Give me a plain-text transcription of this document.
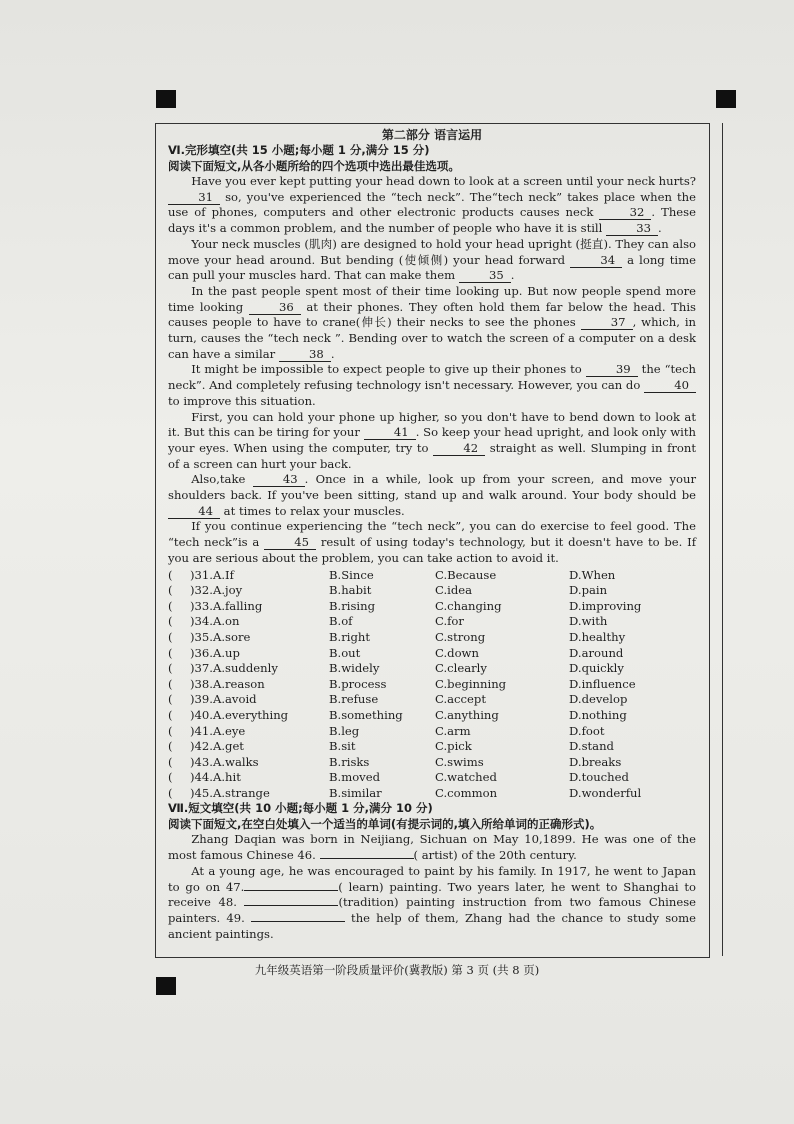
第二部分 语言运用
Ⅵ.完形填空(共 15 小题;每小题 1 分,满分 15 分)
阅读下面短文,从各小题所给的四个选项中选出最佳选项。

Have you ever kept putting your head down to look at a screen until your neck hurts? 31 so, you've experienced the “tech neck”. The“tech neck” takes place when the use of phones, computers and other electronic products causes neck	32 . These days it's a common problem, and the number of people who have it is still	33 .

Your neck muscles (肌肉) are designed to hold your head upright (挺直). They can also move your head around. But bending (使倾侧) your head forward	34 a long time can pull your muscles hard. That can make them	35 .

In the past people spent most of their time looking up. But now people spend more time looking	36 at their phones. They often hold them far below the head. This causes people to have to crane(伸长) their necks to see the phones	37 , which, in turn, causes the “tech neck ”. Bending over to watch the screen of a computer on a desk can have a similar	38 .

It might be impossible to expect people to give up their phones to	39 the “tech neck”. And completely refusing technology isn't necessary. However, you can do	40 to improve this situation.

First, you can hold your phone up higher, so you don't have to bend down to look at it. But this can be tiring for your	41 . So keep your head upright, and look only with your eyes. When using the computer, try to	42 straight as well. Slumping in front of a screen can hurt your back.

Also,take	43 . Once in a while, look up from your screen, and move your shoulders back. If you've been sitting, stand up and walk around. Your body should be 44 at times to relax your muscles.

If you continue experiencing the “tech neck”, you can do exercise to feel good. The “tech neck”is a	45 result of using today's technology, but it doesn't have to be. If you are serious about the problem, you can take action to avoid it.

(	)31.A.If	B.Since	C.Because	D.When
(	)32.A.joy	B.habit	C.idea	D.pain
(	)33.A.falling	B.rising	C.changing	D.improving
(	)34.A.on	B.of	C.for	D.with
(	)35.A.sore	B.right	C.strong	D.healthy
(	)36.A.up	B.out	C.down	D.around
(	)37.A.suddenly	B.widely	C.clearly	D.quickly
(	)38.A.reason	B.process	C.beginning	D.influence
(	)39.A.avoid	B.refuse	C.accept	D.develop
(	)40.A.everything	B.something	C.anything	D.nothing
(	)41.A.eye	B.leg	C.arm	D.foot
(	)42.A.get	B.sit	C.pick	D.stand
(	)43.A.walks	B.risks	C.swims	D.breaks
(	)44.A.hit	B.moved	C.watched	D.touched
(	)45.A.strange	B.similar	C.common	D.wonderful
Ⅶ.短文填空(共 10 小题;每小题 1 分,满分 10 分)
阅读下面短文,在空白处填入一个适当的单词(有提示词的,填入所给单词的正确形式)。

Zhang Daqian was born in Neijiang, Sichuan on May 10,1899. He was one of the most famous Chinese 46.	( artist) of the 20th century.

At a young age, he was encouraged to paint by his family. In 1917, he went to Japan to go on 47.	( learn) painting. Two years later, he went to Shanghai to receive 48.	(tradition) painting instruction from two famous Chinese painters. 49.	the help of them, Zhang had the chance to study some ancient paintings.

九年级英语第一阶段质量评价(冀教版) 第 3 页 (共 8 页)
